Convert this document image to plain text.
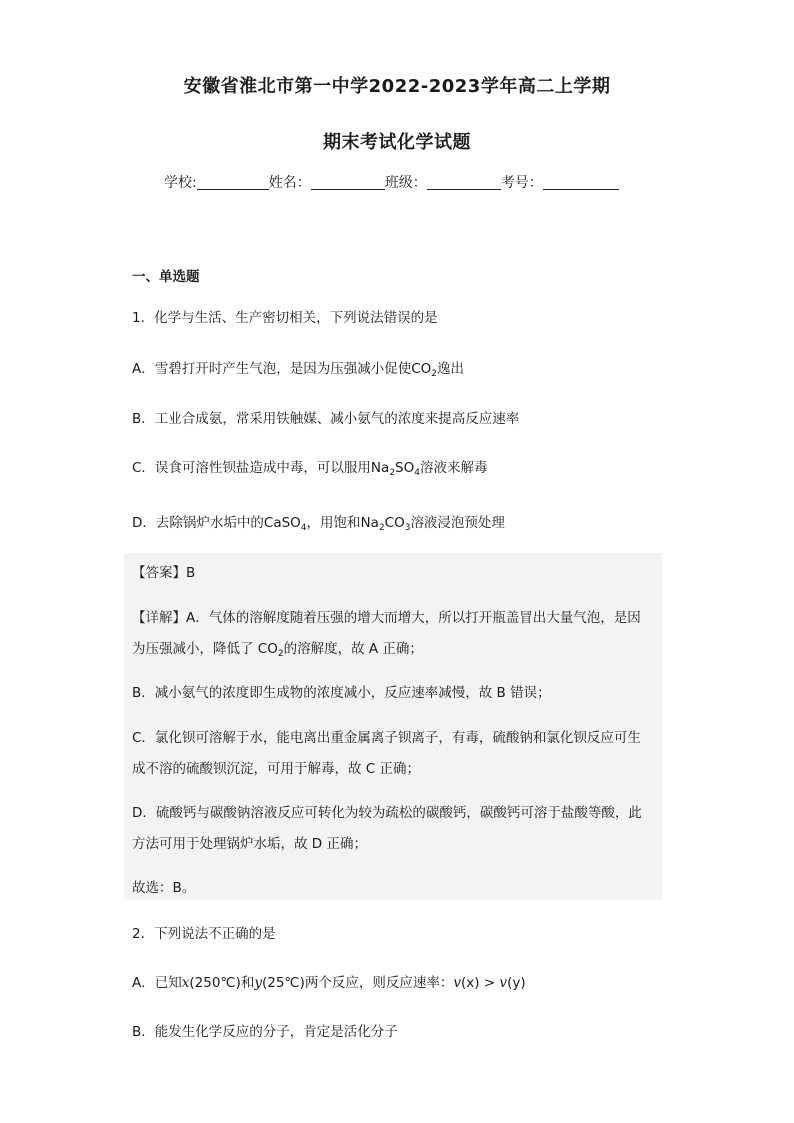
安徽省淮北市第一中学2022-2023学年高二上学期
期末考试化学试题
学校:	姓名：	班级：	考号：
一、单选题
1．化学与生活、生产密切相关，下列说法错误的是
A．雪碧打开时产生气泡，是因为压强减小促使$CO_2$逸出
B．工业合成氨，常采用铁触媒、减小氨气的浓度来提高反应速率
C．误食可溶性钡盐造成中毒，可以服用$Na_2SO_4$溶液来解毒
D．去除锅炉水垢中的CaSO$_4$，用饱和$Na_2CO_3$溶液浸泡预处理
【答案】B
【详解】A．气体的溶解度随着压强的增大而增大，所以打开瓶盖冒出大量气泡，是因
为压强减小，降低了 $CO_2$的溶解度，故 A 正确；
B．减小氨气的浓度即生成物的浓度减小，反应速率减慢，故 B 错误；
C．氯化钡可溶解于水，能电离出重金属离子钡离子，有毒，硫酸钠和氯化钡反应可生
成不溶的硫酸钡沉淀，可用于解毒，故 C 正确；
D．硫酸钙与碳酸钠溶液反应可转化为较为疏松的碳酸钙，碳酸钙可溶于盐酸等酸，此
方法可用于处理锅炉水垢，故 D 正确；
故选：B。
2．下列说法不正确的是
A．已知x(250℃)和y(25℃)两个反应，则反应速率：v(x) > v(y)
B．能发生化学反应的分子，肯定是活化分子
